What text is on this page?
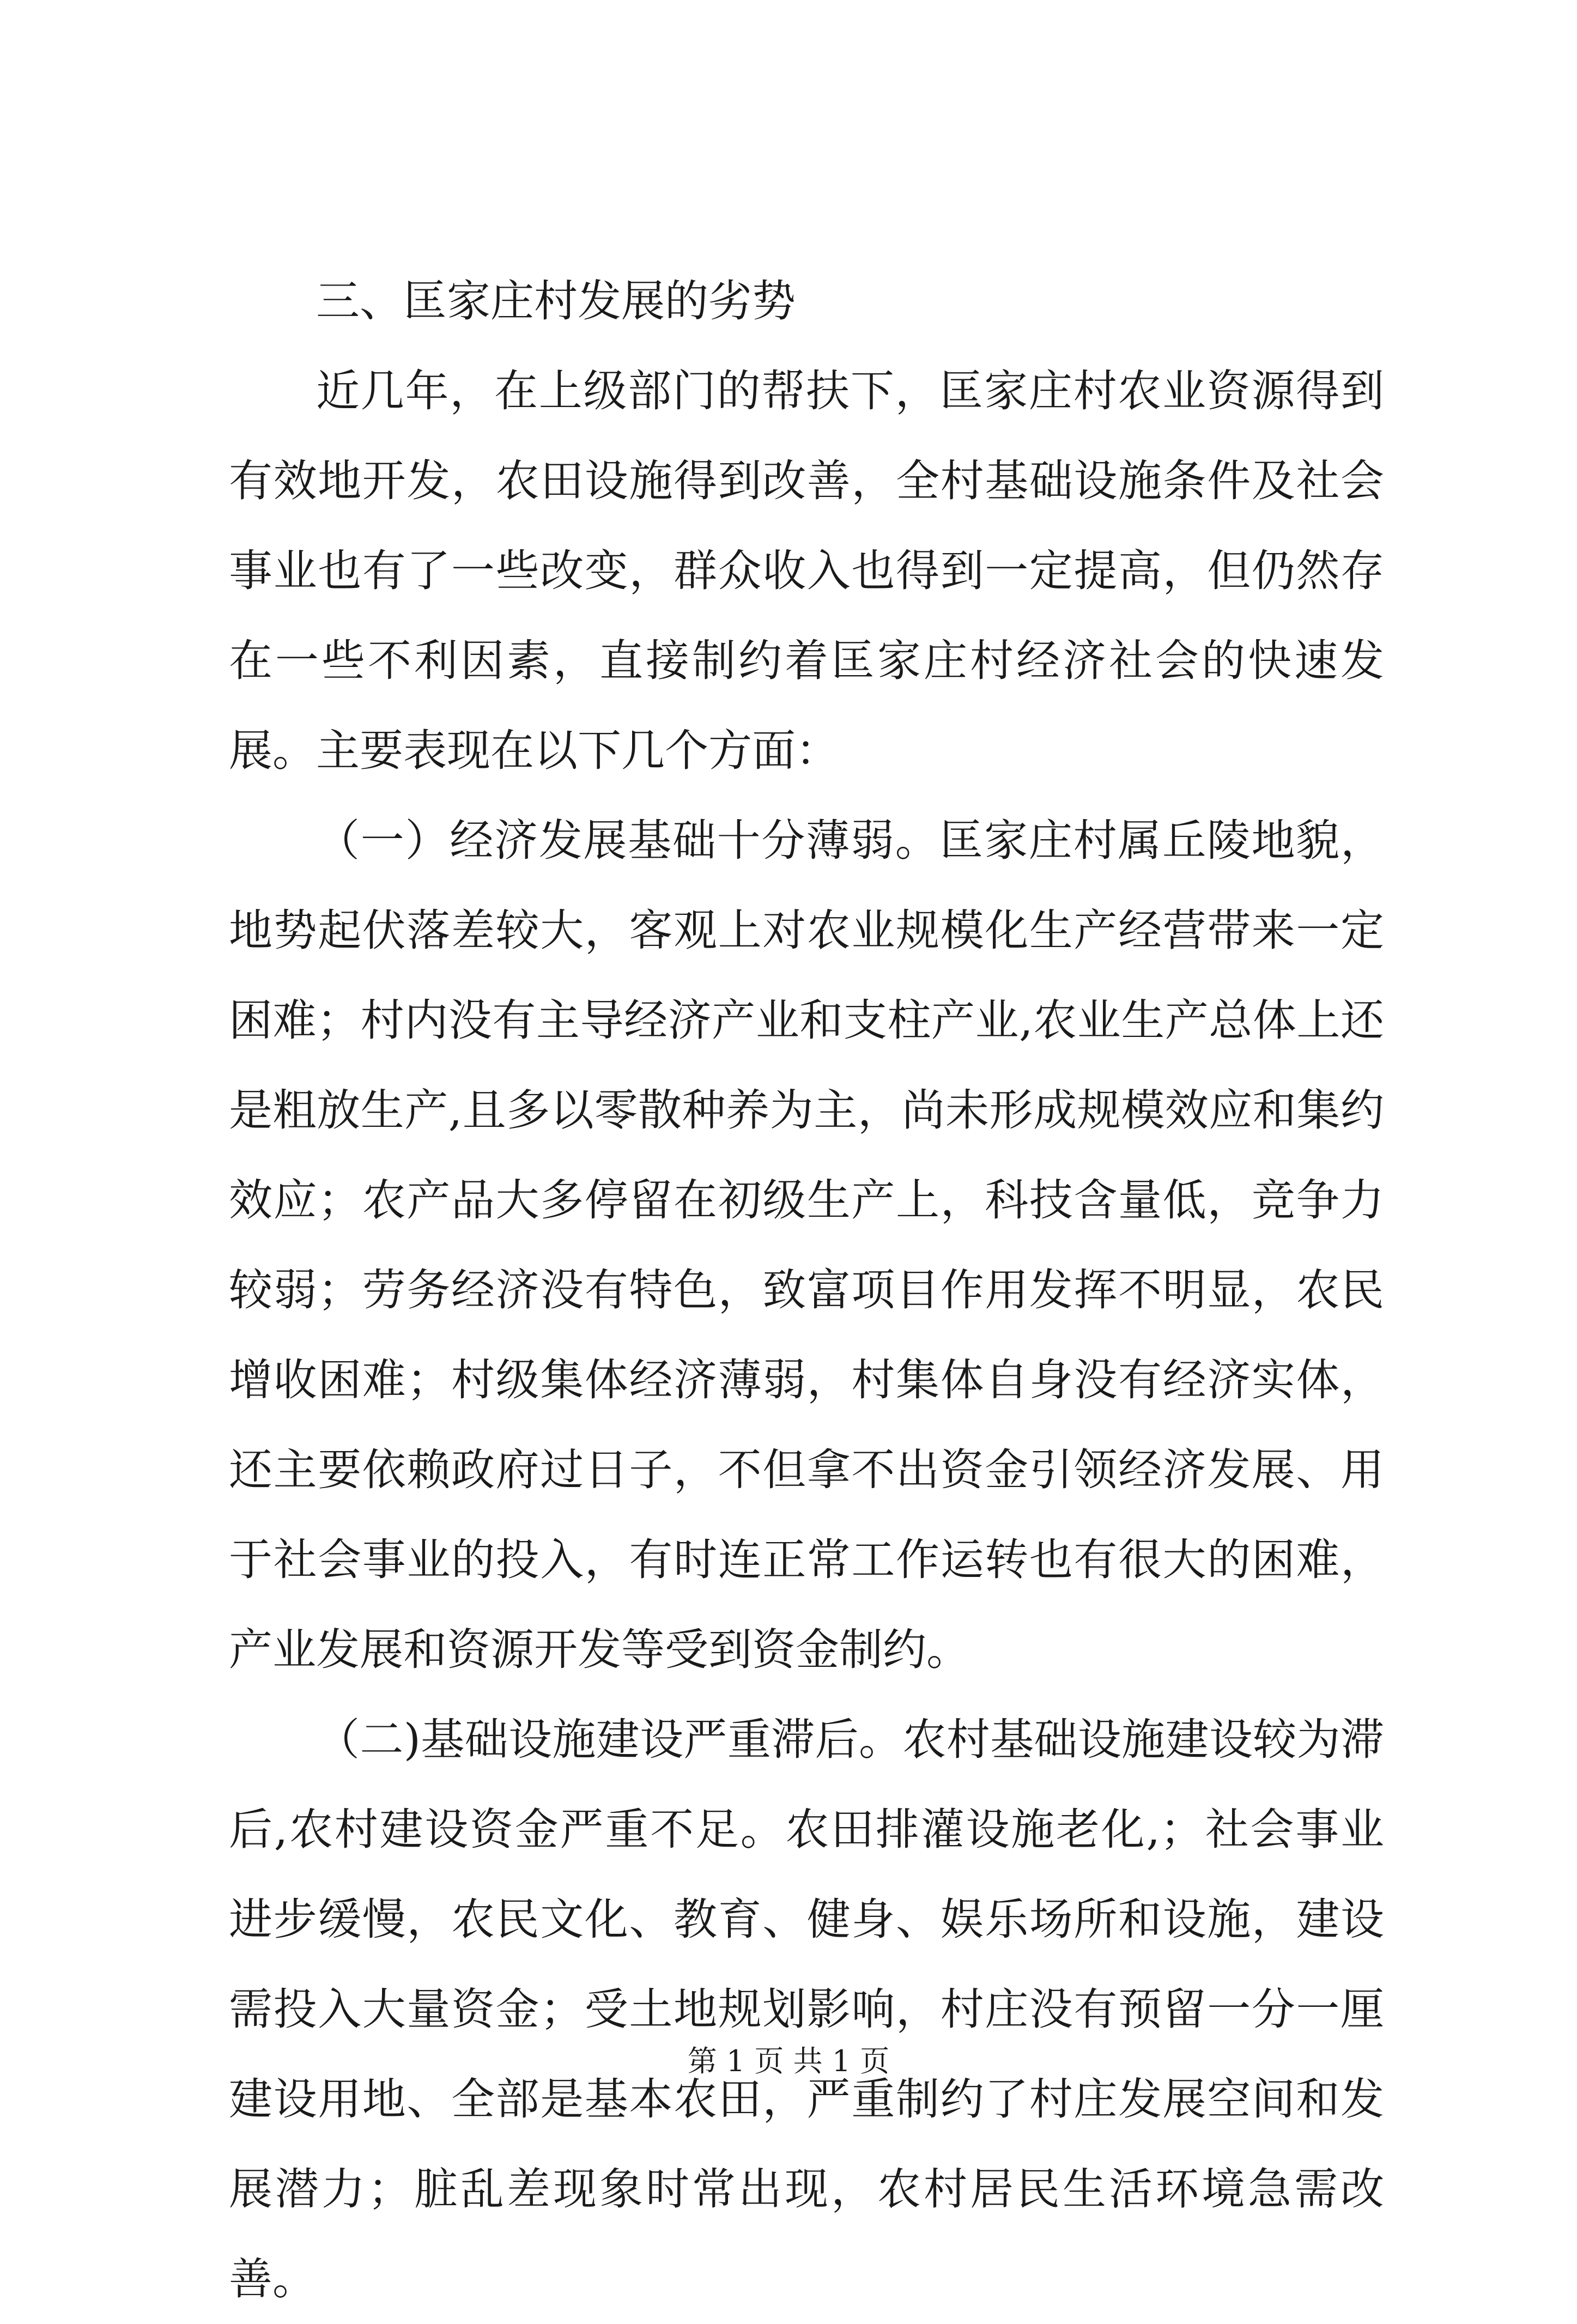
三、匡家庄村发展的劣势

近几年，在上级部门的帮扶下，匡家庄村农业资源得到有效地开发，农田设施得到改善，全村基础设施条件及社会事业也有了一些改变，群众收入也得到一定提高，但仍然存在一些不利因素，直接制约着匡家庄村经济社会的快速发展。主要表现在以下几个方面：

（一）经济发展基础十分薄弱。匡家庄村属丘陵地貌，地势起伏落差较大，客观上对农业规模化生产经营带来一定困难；村内没有主导经济产业和支柱产业,农业生产总体上还是粗放生产,且多以零散种养为主，尚未形成规模效应和集约效应；农产品大多停留在初级生产上，科技含量低，竞争力较弱；劳务经济没有特色，致富项目作用发挥不明显，农民增收困难；村级集体经济薄弱，村集体自身没有经济实体，还主要依赖政府过日子，不但拿不出资金引领经济发展、用于社会事业的投入，有时连正常工作运转也有很大的困难，产业发展和资源开发等受到资金制约。

（二)基础设施建设严重滞后。农村基础设施建设较为滞后,农村建设资金严重不足。农田排灌设施老化,；社会事业进步缓慢，农民文化、教育、健身、娱乐场所和设施，建设需投入大量资金；受土地规划影响，村庄没有预留一分一厘建设用地、全部是基本农田，严重制约了村庄发展空间和发展潜力；脏乱差现象时常出现，农村居民生活环境急需改善。

第 1 页 共 1 页
